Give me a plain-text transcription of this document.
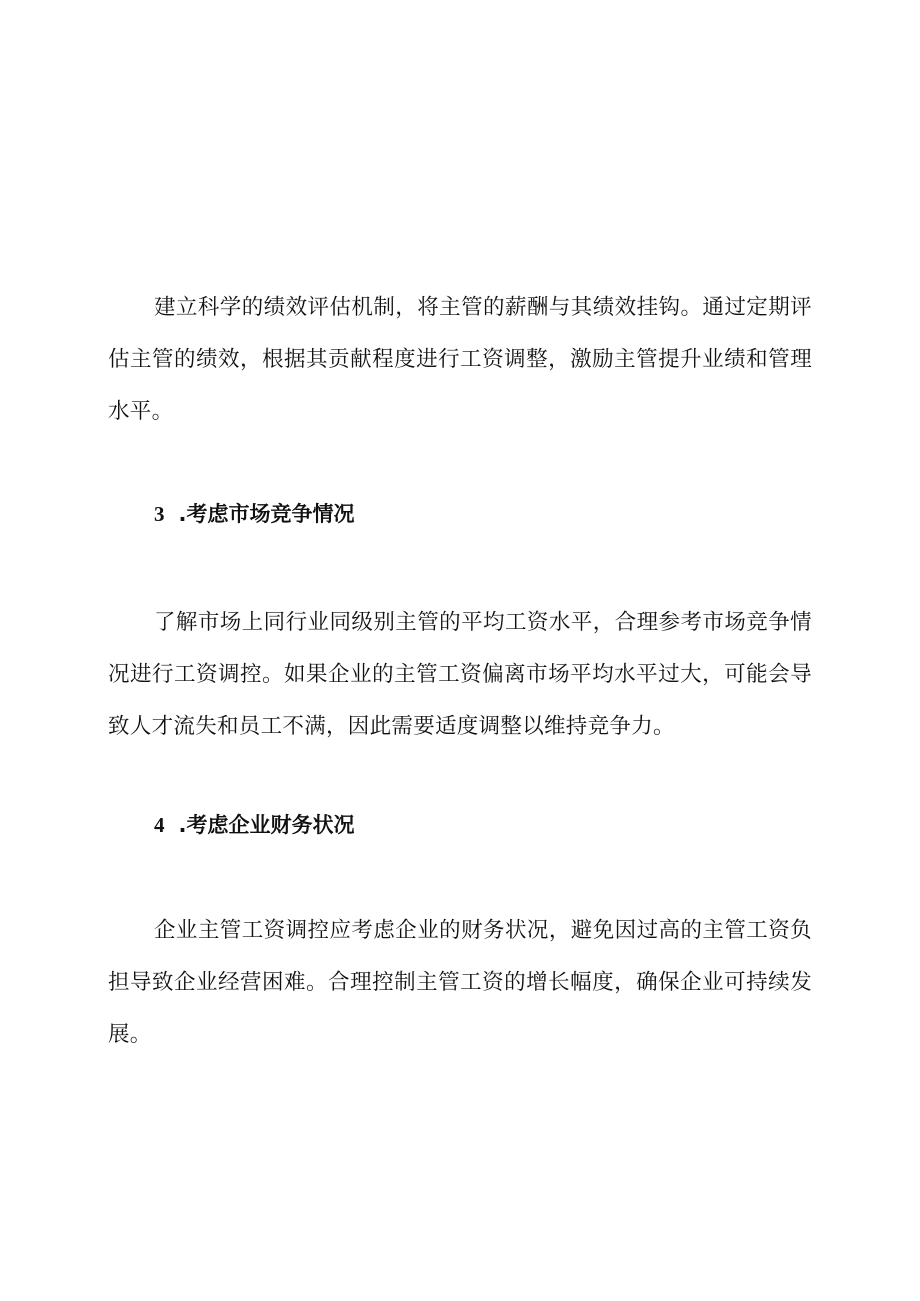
建立科学的绩效评估机制，将主管的薪酬与其绩效挂钩。通过定期评估主管的绩效，根据其贡献程度进行工资调整，激励主管提升业绩和管理水平。

3 .考虑市场竞争情况

了解市场上同行业同级别主管的平均工资水平，合理参考市场竞争情况进行工资调控。如果企业的主管工资偏离市场平均水平过大，可能会导致人才流失和员工不满，因此需要适度调整以维持竞争力。

4 .考虑企业财务状况

企业主管工资调控应考虑企业的财务状况，避免因过高的主管工资负担导致企业经营困难。合理控制主管工资的增长幅度，确保企业可持续发展。
